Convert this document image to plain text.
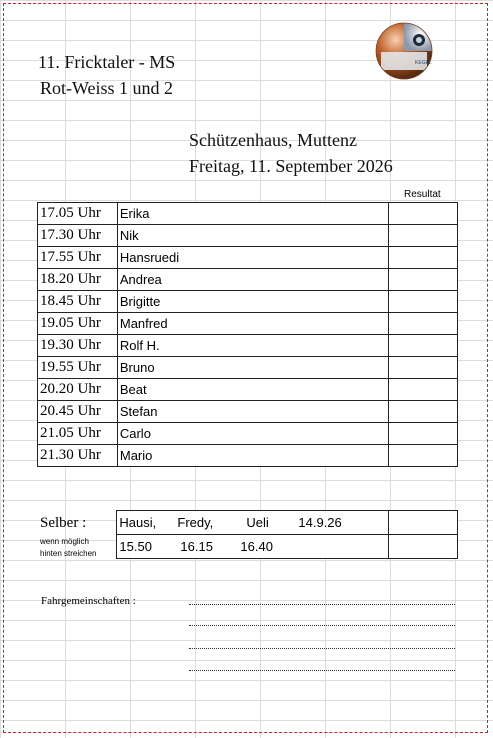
11. Fricktaler - MS
Rot-Weiss 1 und 2
KEGEL
Schützenhaus, Muttenz
Freitag, 11. September 2026
Resultat
17.05 Uhr	Erika	
17.30 Uhr	Nik	
17.55 Uhr	Hansruedi	
18.20 Uhr	Andrea	
18.45 Uhr	Brigitte	
19.05 Uhr	Manfred	
19.30 Uhr	Rolf H.	
19.55 Uhr	Bruno	
20.20 Uhr	Beat	
20.45 Uhr	Stefan	
21.05 Uhr	Carlo	
21.30 Uhr	Mario	
Selber :
wenn möglich
hinten streichen	Hausi, Fredy, Ueli 14.9.26	

	15.50 16.15 16.40	

Fahrgemeinschaften :
